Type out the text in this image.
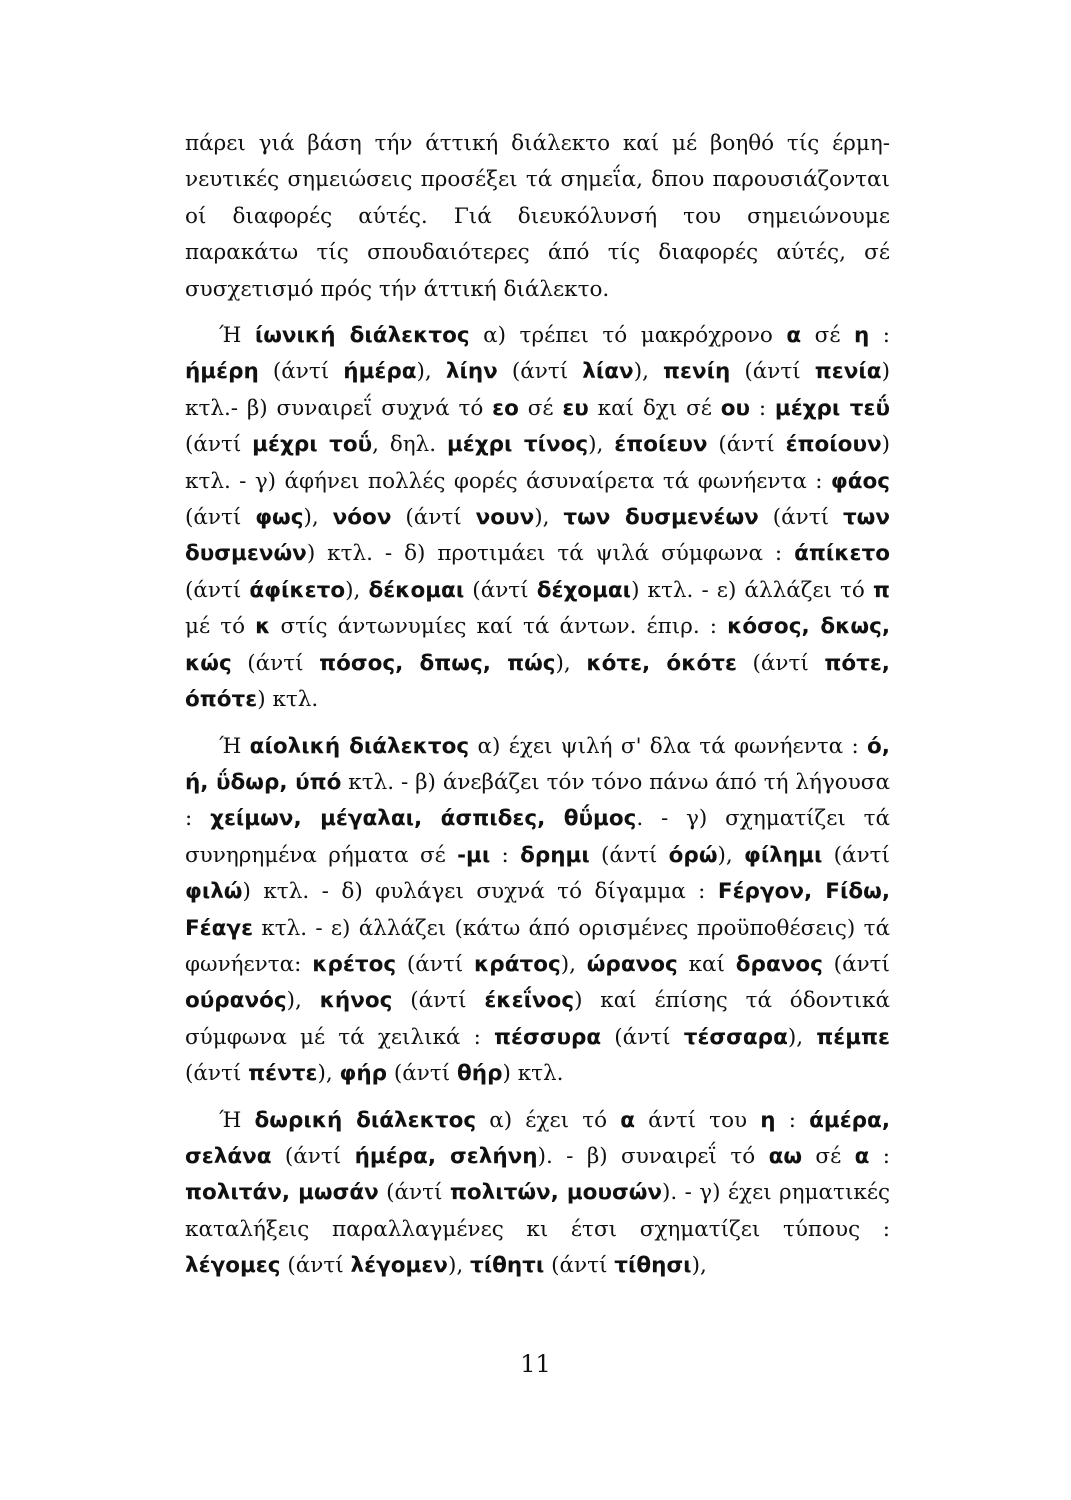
πάρει γιά βάση τήν άττική διάλεκτο καί μέ βοηθό τίς έρμηνευτικές σημειώσεις προσέξει τά σημεΐα, δπου παρουσιάζονται οί διαφορές αύτές. Γιά διευκόλυνσή του σημειώνουμε παρακάτω τίς σπουδαιότερες άπό τίς διαφορές αύτές, σέ συσχετισμό πρός τήν άττική διάλεκτο.

Ή ίωνική διάλεκτος α) τρέπει τό μακρόχρονο α σέ η : ήμέρη (άντί ήμέρα), λίην (άντί λίαν), πενίη (άντί πενία) κτλ.- β) συναιρεΐ συχνά τό εο σέ ευ καί δχι σέ ου : μέχρι τεΰ (άντί μέχρι τοΰ, δηλ. μέχρι τίνος), έποίευν (άντί έποίουν) κτλ. - γ) άφήνει πολλές φορές άσυναίρετα τά φωνήεντα : φάος (άντί φως), νόον (άντί νουν), των δυσμενέων (άντί των δυσμενών) κτλ. - δ) προτιμάει τά ψιλά σύμφωνα : άπίκετο (άντί άφίκετο), δέκομαι (άντί δέχομαι) κτλ. - ε) άλλάζει τό π μέ τό κ στίς άντωνυμίες καί τά άντων. έπιρ. : κόσος, δκως, κώς (άντί πόσος, δπως, πώς), κότε, όκότε (άντί πότε, όπότε) κτλ.

Ή αίολική διάλεκτος α) έχει ψιλή σ' δλα τά φωνήεντα : ό, ή, ΰδωρ, ύπό κτλ. - β) άνεβάζει τόν τόνο πάνω άπό τή λήγουσα : χείμων, μέγαλαι, άσπιδες, θΰμος. - γ) σχηματίζει τά συνηρημένα ρήματα σέ -μι : δρημι (άντί όρώ), φίλημι (άντί φιλώ) κτλ. - δ) φυλάγει συχνά τό δίγαμμα : Fέργον, Fίδω, Fέαγε κτλ. - ε) άλλάζει (κάτω άπό ορισμένες προϋποθέσεις) τά φωνήεντα: κρέτος (άντί κράτος), ώρανος καί δρανος (άντί ούρανός), κήνος (άντί έκεΐνος) καί έπίσης τά όδοντικά σύμφωνα μέ τά χειλικά : πέσσυρα (άντί τέσσαρα), πέμπε (άντί πέντε), φήρ (άντί θήρ) κτλ.

Ή δωρική διάλεκτος α) έχει τό α άντί του η : άμέρα, σελάνα (άντί ήμέρα, σελήνη). - β) συναιρεΐ τό αω σέ α : πολιτάν, μωσάν (άντί πολιτών, μουσών). - γ) έχει ρηματικές καταλήξεις παραλλαγμένες κι έτσι σχηματίζει τύπους : λέγομες (άντί λέγομεν), τίθητι (άντί τίθησι),

11
